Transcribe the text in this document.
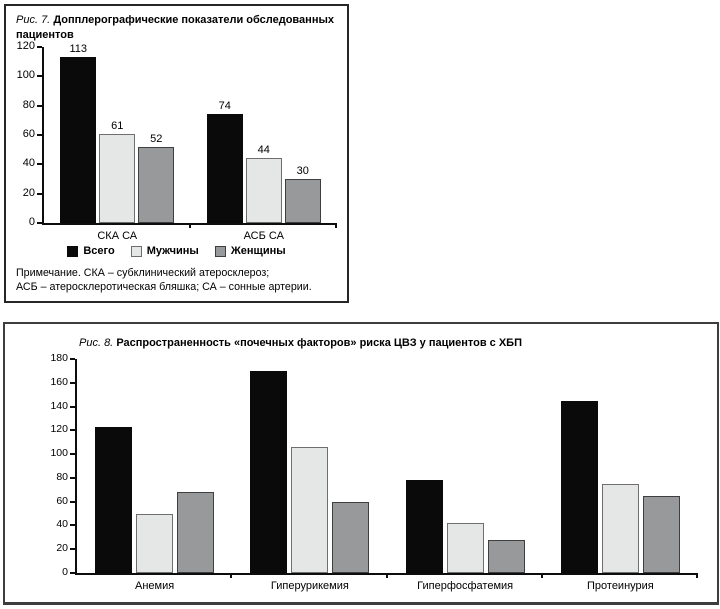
Рис. 7. Допплерографические показатели обследованных пациентов
0
20
40
60
80
100
120	113
61
52
СКА СА
74
44
30
АСБ СА
Всего	Мужчины	Женщины
Примечание. СКА – субклинический атеросклероз;
АСБ – атеросклеротическая бляшка; СА – сонные артерии.
Рис. 8. Распространенность «почечных факторов» риска ЦВЗ у пациентов с ХБП
0
20
40
60
80
100
120
140
160
180
Анемия	Гиперурикемия	Гиперфосфатемия	Протеинурия
